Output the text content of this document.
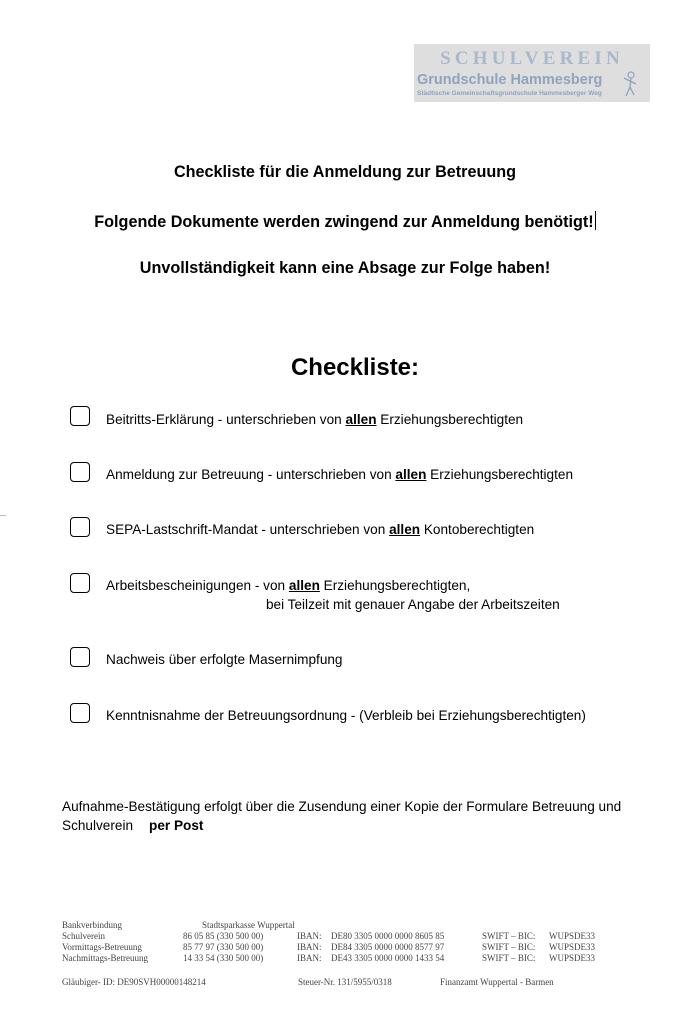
SCHULVEREIN
Grundschule Hammesberg
Städtische Gemeinschaftsgrundschule Hammesberger Weg
Checkliste für die Anmeldung zur Betreuung
Folgende Dokumente werden zwingend zur Anmeldung benötigt!
Unvollständigkeit kann eine Absage zur Folge haben!
Checkliste:
Beitritts-Erklärung - unterschrieben von allen Erziehungsberechtigten
Anmeldung zur Betreuung - unterschrieben von allen Erziehungsberechtigten
SEPA-Lastschrift-Mandat - unterschrieben von allen Kontoberechtigten
Arbeitsbescheinigungen - von allen Erziehungsberechtigten,
bei Teilzeit mit genauer Angabe der Arbeitszeiten
Nachweis über erfolgte Masernimpfung
Kenntnisnahme der Betreuungsordnung - (Verbleib bei Erziehungsberechtigten)
Aufnahme-Bestätigung erfolgt über die Zusendung einer Kopie der Formulare Betreuung und
Schulverein per Post
Bankverbindung	Stadtsparkasse Wuppertal
Schulverein	86 05 85 (330 500 00)	IBAN: DE80 3305 0000 0000 8605 85	SWIFT – BIC: WUPSDE33
Vormittags-Betreuung	85 77 97 (330 500 00)	IBAN: DE84 3305 0000 0000 8577 97	SWIFT – BIC: WUPSDE33
Nachmittags-Betreuung	14 33 54 (330 500 00)	IBAN: DE43 3305 0000 0000 1433 54	SWIFT – BIC: WUPSDE33
Gläubiger- ID: DE90SVH00000148214	Steuer-Nr. 131/5955/0318	Finanzamt Wuppertal - Barmen
